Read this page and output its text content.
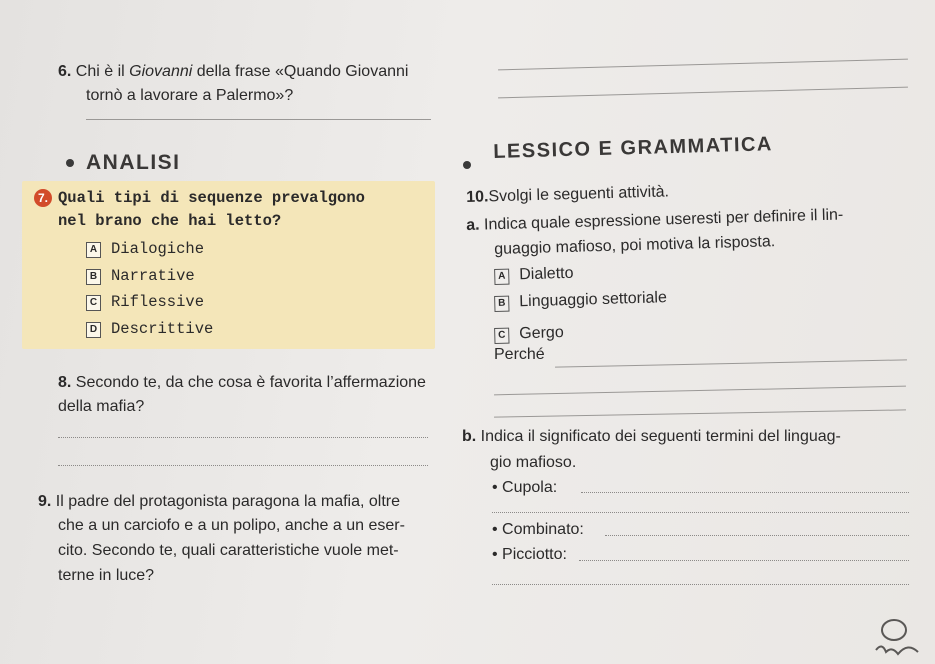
6. Chi è il Giovanni della frase «Quando Giovanni
tornò a lavorare a Palermo»?
ANALISI
7. Quali tipi di sequenze prevalgono
nel brano che hai letto?
A Dialogiche
B Narrative
C Riflessive
D Descrittive
8. Secondo te, da che cosa è favorita l’affermazione
della mafia?
9. Il padre del protagonista paragona la mafia, oltre
che a un carciofo e a un polipo, anche a un eser-
cito. Secondo te, quali caratteristiche vuole met-
terne in luce?
LESSICO E GRAMMATICA
10.Svolgi le seguenti attività.
a. Indica quale espressione useresti per definire il lin-
guaggio mafioso, poi motiva la risposta.
A Dialetto
B Linguaggio settoriale
C Gergo
Perché
b. Indica il significato dei seguenti termini del linguag-
gio mafioso.
• Cupola:
• Combinato:
• Picciotto:
